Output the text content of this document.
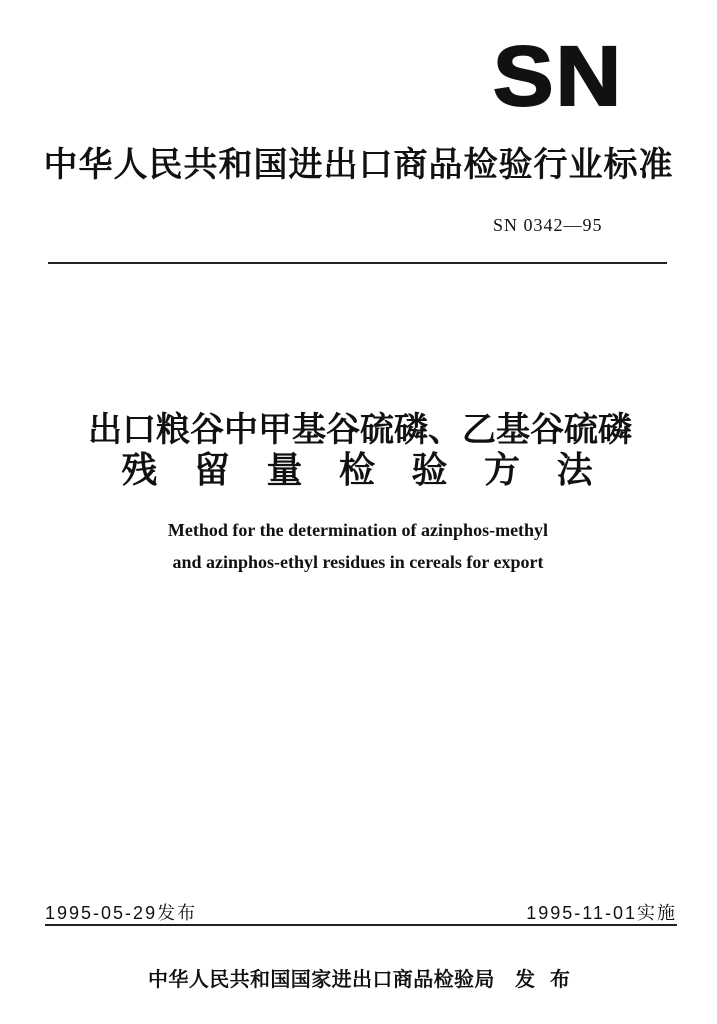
SN
中华人民共和国进出口商品检验行业标准
SN 0342—95
出口粮谷中甲基谷硫磷、乙基谷硫磷
残 留 量 检 验 方 法
Method for the determination of azinphos-methyl
and azinphos-ethyl residues in cereals for export
1995-05-29发布	1995-11-01实施
中华人民共和国国家进出口商品检验局 发 布
